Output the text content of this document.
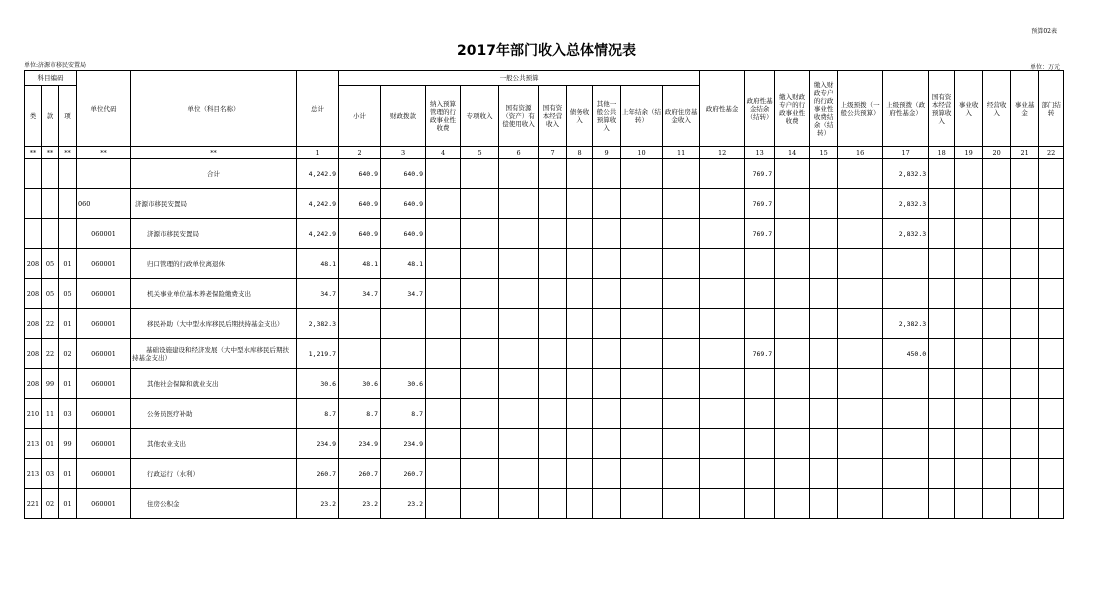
预算02表
2017年部门收入总体情况表
单位:济源市移民安置局	单位：万元
科目编码			单位代码	单位（科目名称）	总计	一般公共预算										政府性基金	政府性基金结余（结转）	缴入财政专户的行政事业性收费	缴入财政专户的行政事业性收费结余（结转）	上级预拨（一般公共预算）	上级预拨（政府性基金）	国有资本经营预算收入	事业收入	经营收入	事业基金	部门结转
类	款	项				小计	财政拨款	纳入预算管理的行政事业性收费	专项收入	国有资源（资产）有偿使用收入	国有资本经营收入	债务收入	其他一般公共预算收入	上年结余（结转）	政府住房基金收入											
**	**	**	**	**	1	2	3	4	5	6	7	8	9	10	11	12	13	14	15	16	17	18	19	20	21	22
				合计	4,242.9	640.9	640.9										769.7				2,832.3					
			060	济源市移民安置局	4,242.9	640.9	640.9										769.7				2,832.3					
			060001	济源市移民安置局	4,242.9	640.9	640.9										769.7				2,832.3					
208	05	01	060001	归口管理的行政单位离退休	48.1	48.1	48.1																			
208	05	05	060001	机关事业单位基本养老保险缴费支出	34.7	34.7	34.7																			
208	22	01	060001	移民补助（大中型水库移民后期扶持基金支出）	2,382.3																2,382.3					
208	22	02	060001	基础设施建设和经济发展（大中型水库移民后期扶持基金支出）	1,219.7												769.7				450.0					
208	99	01	060001	其他社会保障和就业支出	30.6	30.6	30.6																			
210	11	03	060001	公务员医疗补助	8.7	8.7	8.7																			
213	01	99	060001	其他农业支出	234.9	234.9	234.9																			
213	03	01	060001	行政运行（水利）	260.7	260.7	260.7																			
221	02	01	060001	住房公积金	23.2	23.2	23.2																			
